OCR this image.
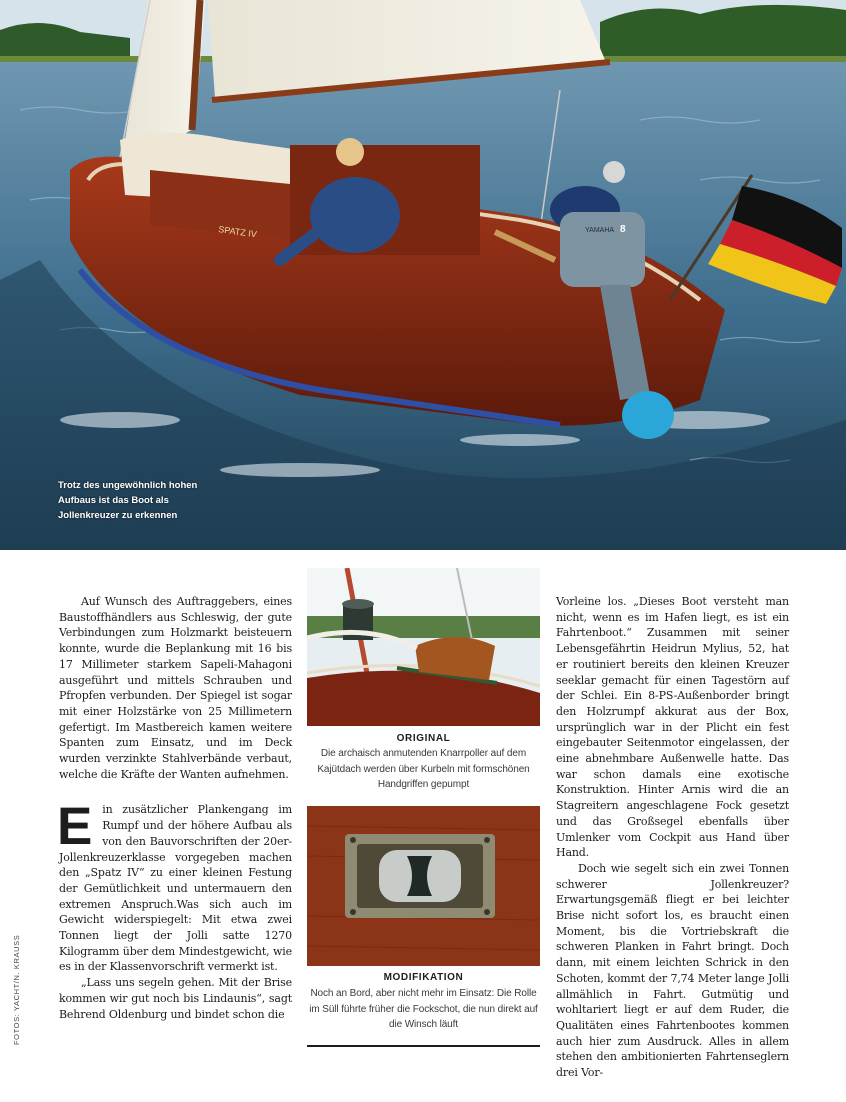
SPATZ IV	YAMAHA 8
Trotz des ungewöhnlich hohen Aufbaus ist das Boot als Jollenkreuzer zu erkennen

Auf Wunsch des Auftraggebers, eines Baustoffhändlers aus Schleswig, der gute Verbindungen zum Holzmarkt beisteuern konnte, wurde die Beplankung mit 16 bis 17 Millimeter starkem Sapeli-Mahagoni ausgeführt und mittels Schrauben und Pfropfen verbunden. Der Spiegel ist sogar mit einer Holzstärke von 25 Millimetern gefertigt. Im Mastbereich kamen weitere Spanten zum Einsatz, und im Deck wurden verzinkte Stahlverbände verbaut, welche die Kräfte der Wanten aufnehmen.

Ein zusätzlicher Plankengang im Rumpf und der höhere Aufbau als von den Bauvorschriften der 20er-Jollenkreuzerklasse vorgegeben machen den „Spatz IV“ zu einer kleinen Festung der Gemütlichkeit und untermauern den extremen Anspruch.Was sich auch im Gewicht widerspiegelt: Mit etwa zwei Tonnen liegt der Jolli satte 1270 Kilogramm über dem Mindestgewicht, wie es in der Klassenvorschrift vermerkt ist.

„Lass uns segeln gehen. Mit der Brise kommen wir gut noch bis Lindaunis“, sagt Behrend Oldenburg und bindet schon die

ORIGINAL
Die archaisch anmutenden Knarrpoller auf dem Kajütdach werden über Kurbeln mit formschönen Handgriffen gepumpt
MODIFIKATION
Noch an Bord, aber nicht mehr im Einsatz: Die Rolle im Süll führte früher die Fockschot, die nun direkt auf die Winsch läuft

Vorleine los. „Dieses Boot versteht man nicht, wenn es im Hafen liegt, es ist ein Fahrtenboot.“ Zusammen mit seiner Lebensgefährtin Heidrun Mylius, 52, hat er routiniert bereits den kleinen Kreuzer seeklar gemacht für einen Tagestörn auf der Schlei. Ein 8-PS-Außenborder bringt den Holzrumpf akkurat aus der Box, ursprünglich war in der Plicht ein fest eingebauter Seitenmotor eingelassen, der eine abnehmbare Außenwelle hatte. Das war schon damals eine exotische Konstruktion. Hinter Arnis wird die an Stagreitern angeschlagene Fock gesetzt und das Großsegel ebenfalls über Umlenker vom Cockpit aus Hand über Hand.

Doch wie segelt sich ein zwei Tonnen schwerer Jollenkreuzer? Erwartungsgemäß fliegt er bei leichter Brise nicht sofort los, es braucht einen Moment, bis die Vortriebskraft die schweren Planken in Fahrt bringt. Doch dann, mit einem leichten Schrick in den Schoten, kommt der 7,74 Meter lange Jolli allmählich in Fahrt. Gutmütig und wohltariert liegt er auf dem Ruder, die Qualitäten eines Fahrtenbootes kommen auch hier zum Ausdruck. Alles in allem stehen den ambitionierten Fahrtenseglern drei Vor-

FOTOS: YACHT/N. KRAUSS
